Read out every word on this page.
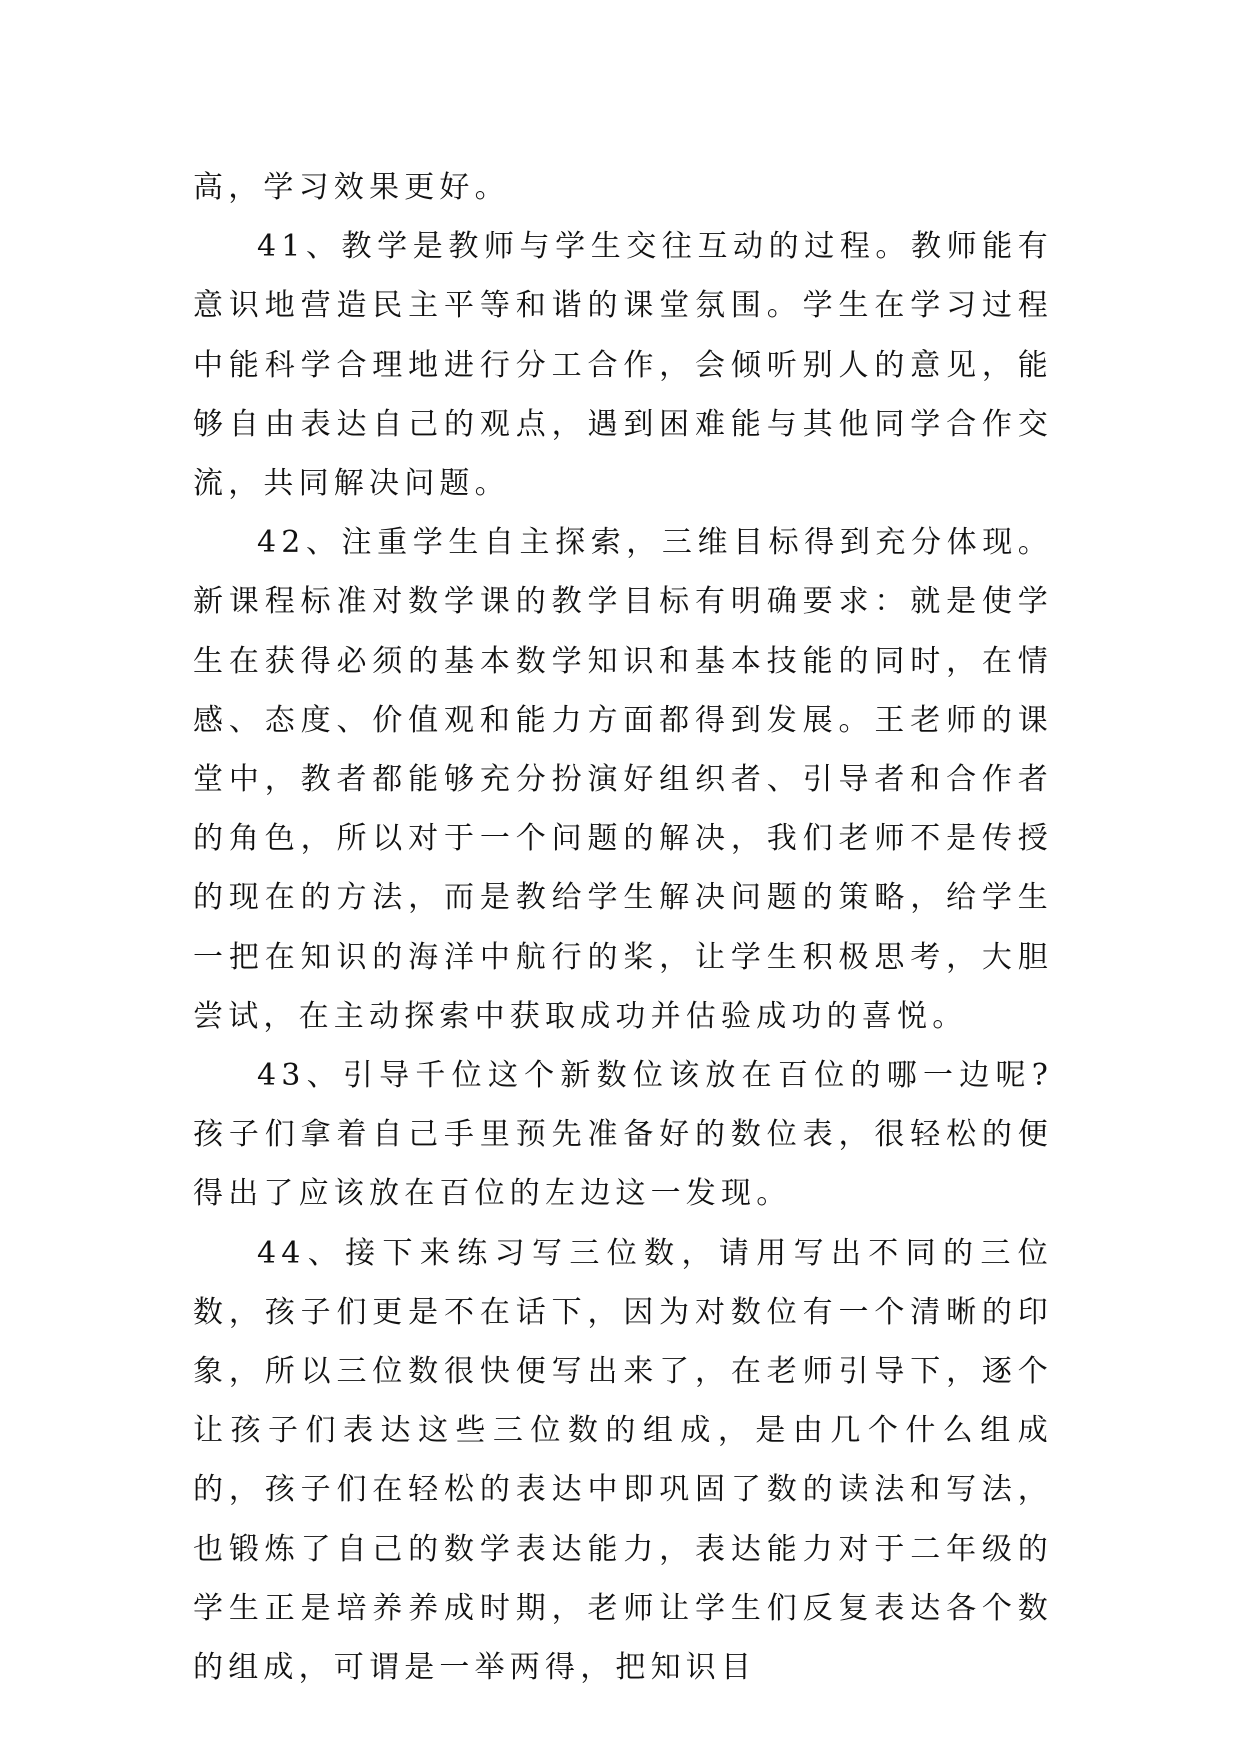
高，学习效果更好。

41、教学是教师与学生交往互动的过程。教师能有意识地营造民主平等和谐的课堂氛围。学生在学习过程中能科学合理地进行分工合作，会倾听别人的意见，能够自由表达自己的观点，遇到困难能与其他同学合作交流，共同解决问题。

42、注重学生自主探索，三维目标得到充分体现。新课程标准对数学课的教学目标有明确要求：就是使学生在获得必须的基本数学知识和基本技能的同时，在情感、态度、价值观和能力方面都得到发展。王老师的课堂中，教者都能够充分扮演好组织者、引导者和合作者的角色，所以对于一个问题的解决，我们老师不是传授的现在的方法，而是教给学生解决问题的策略，给学生一把在知识的海洋中航行的桨，让学生积极思考，大胆尝试，在主动探索中获取成功并估验成功的喜悦。

43、引导千位这个新数位该放在百位的哪一边呢?孩子们拿着自己手里预先准备好的数位表，很轻松的便得出了应该放在百位的左边这一发现。

44、接下来练习写三位数，请用写出不同的三位数，孩子们更是不在话下，因为对数位有一个清晰的印象，所以三位数很快便写出来了，在老师引导下，逐个让孩子们表达这些三位数的组成，是由几个什么组成的，孩子们在轻松的表达中即巩固了数的读法和写法，也锻炼了自己的数学表达能力，表达能力对于二年级的学生正是培养养成时期，老师让学生们反复表达各个数的组成，可谓是一举两得，把知识目
